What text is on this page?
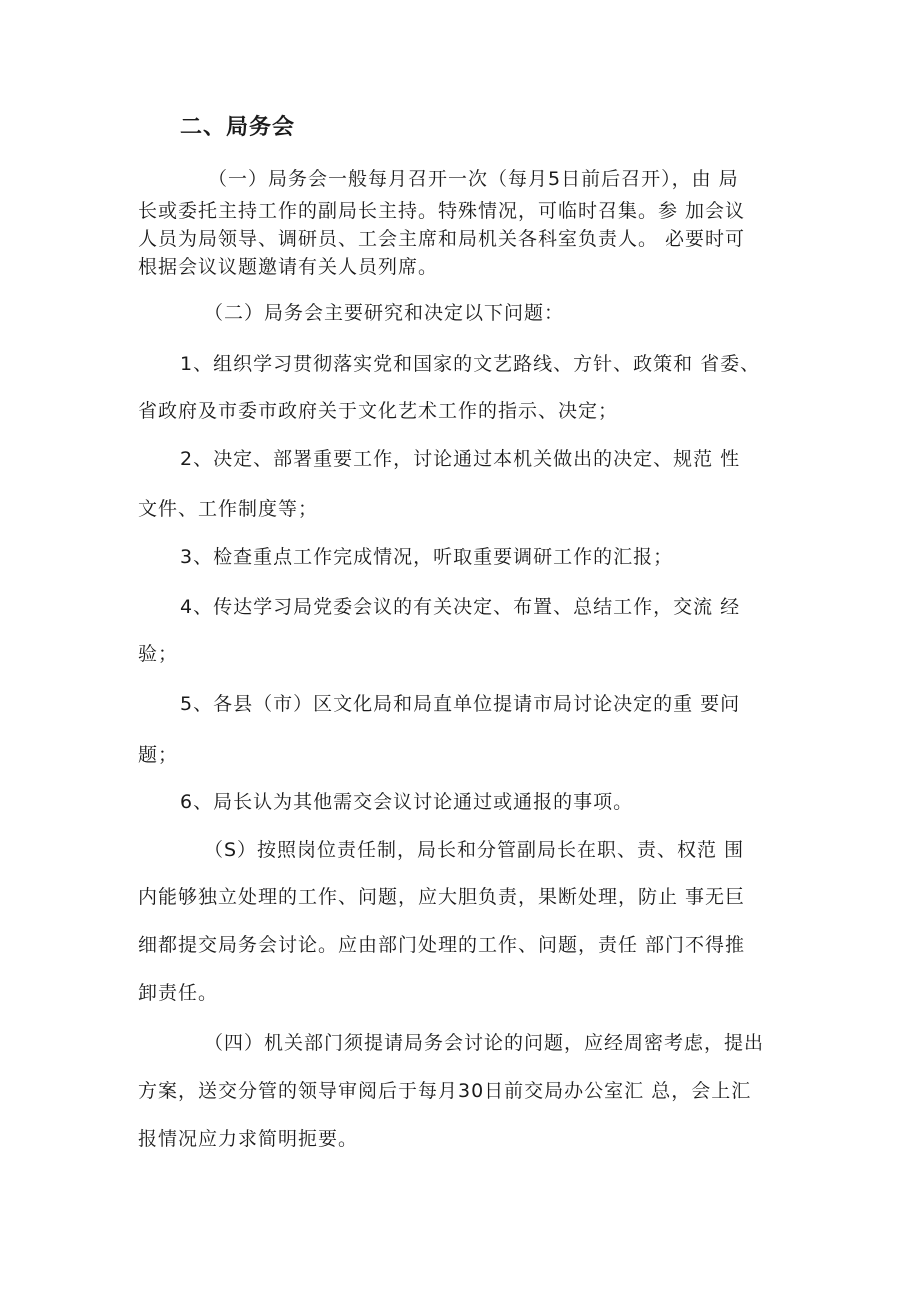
二、局务会
（一）局务会一般每月召开一次（每月5日前后召开），由 局
长或委托主持工作的副局长主持。特殊情况，可临时召集。参 加会议
人员为局领导、调研员、工会主席和局机关各科室负责人。 必要时可
根据会议议题邀请有关人员列席。
（二）局务会主要研究和决定以下问题：
1、组织学习贯彻落实党和国家的文艺路线、方针、政策和 省委、
省政府及市委市政府关于文化艺术工作的指示、决定；
2、决定、部署重要工作，讨论通过本机关做出的决定、规范 性
文件、工作制度等；
3、检查重点工作完成情况，听取重要调研工作的汇报；
4、传达学习局党委会议的有关决定、布置、总结工作，交流 经
验；
5、各县（市）区文化局和局直单位提请市局讨论决定的重 要问
题；
6、局长认为其他需交会议讨论通过或通报的事项。
（S）按照岗位责任制，局长和分管副局长在职、责、权范 围
内能够独立处理的工作、问题，应大胆负责，果断处理，防止 事无巨
细都提交局务会讨论。应由部门处理的工作、问题，责任 部门不得推
卸责任。
（四）机关部门须提请局务会讨论的问题，应经周密考虑，提出
方案，送交分管的领导审阅后于每月30日前交局办公室汇 总，会上汇
报情况应力求简明扼要。
